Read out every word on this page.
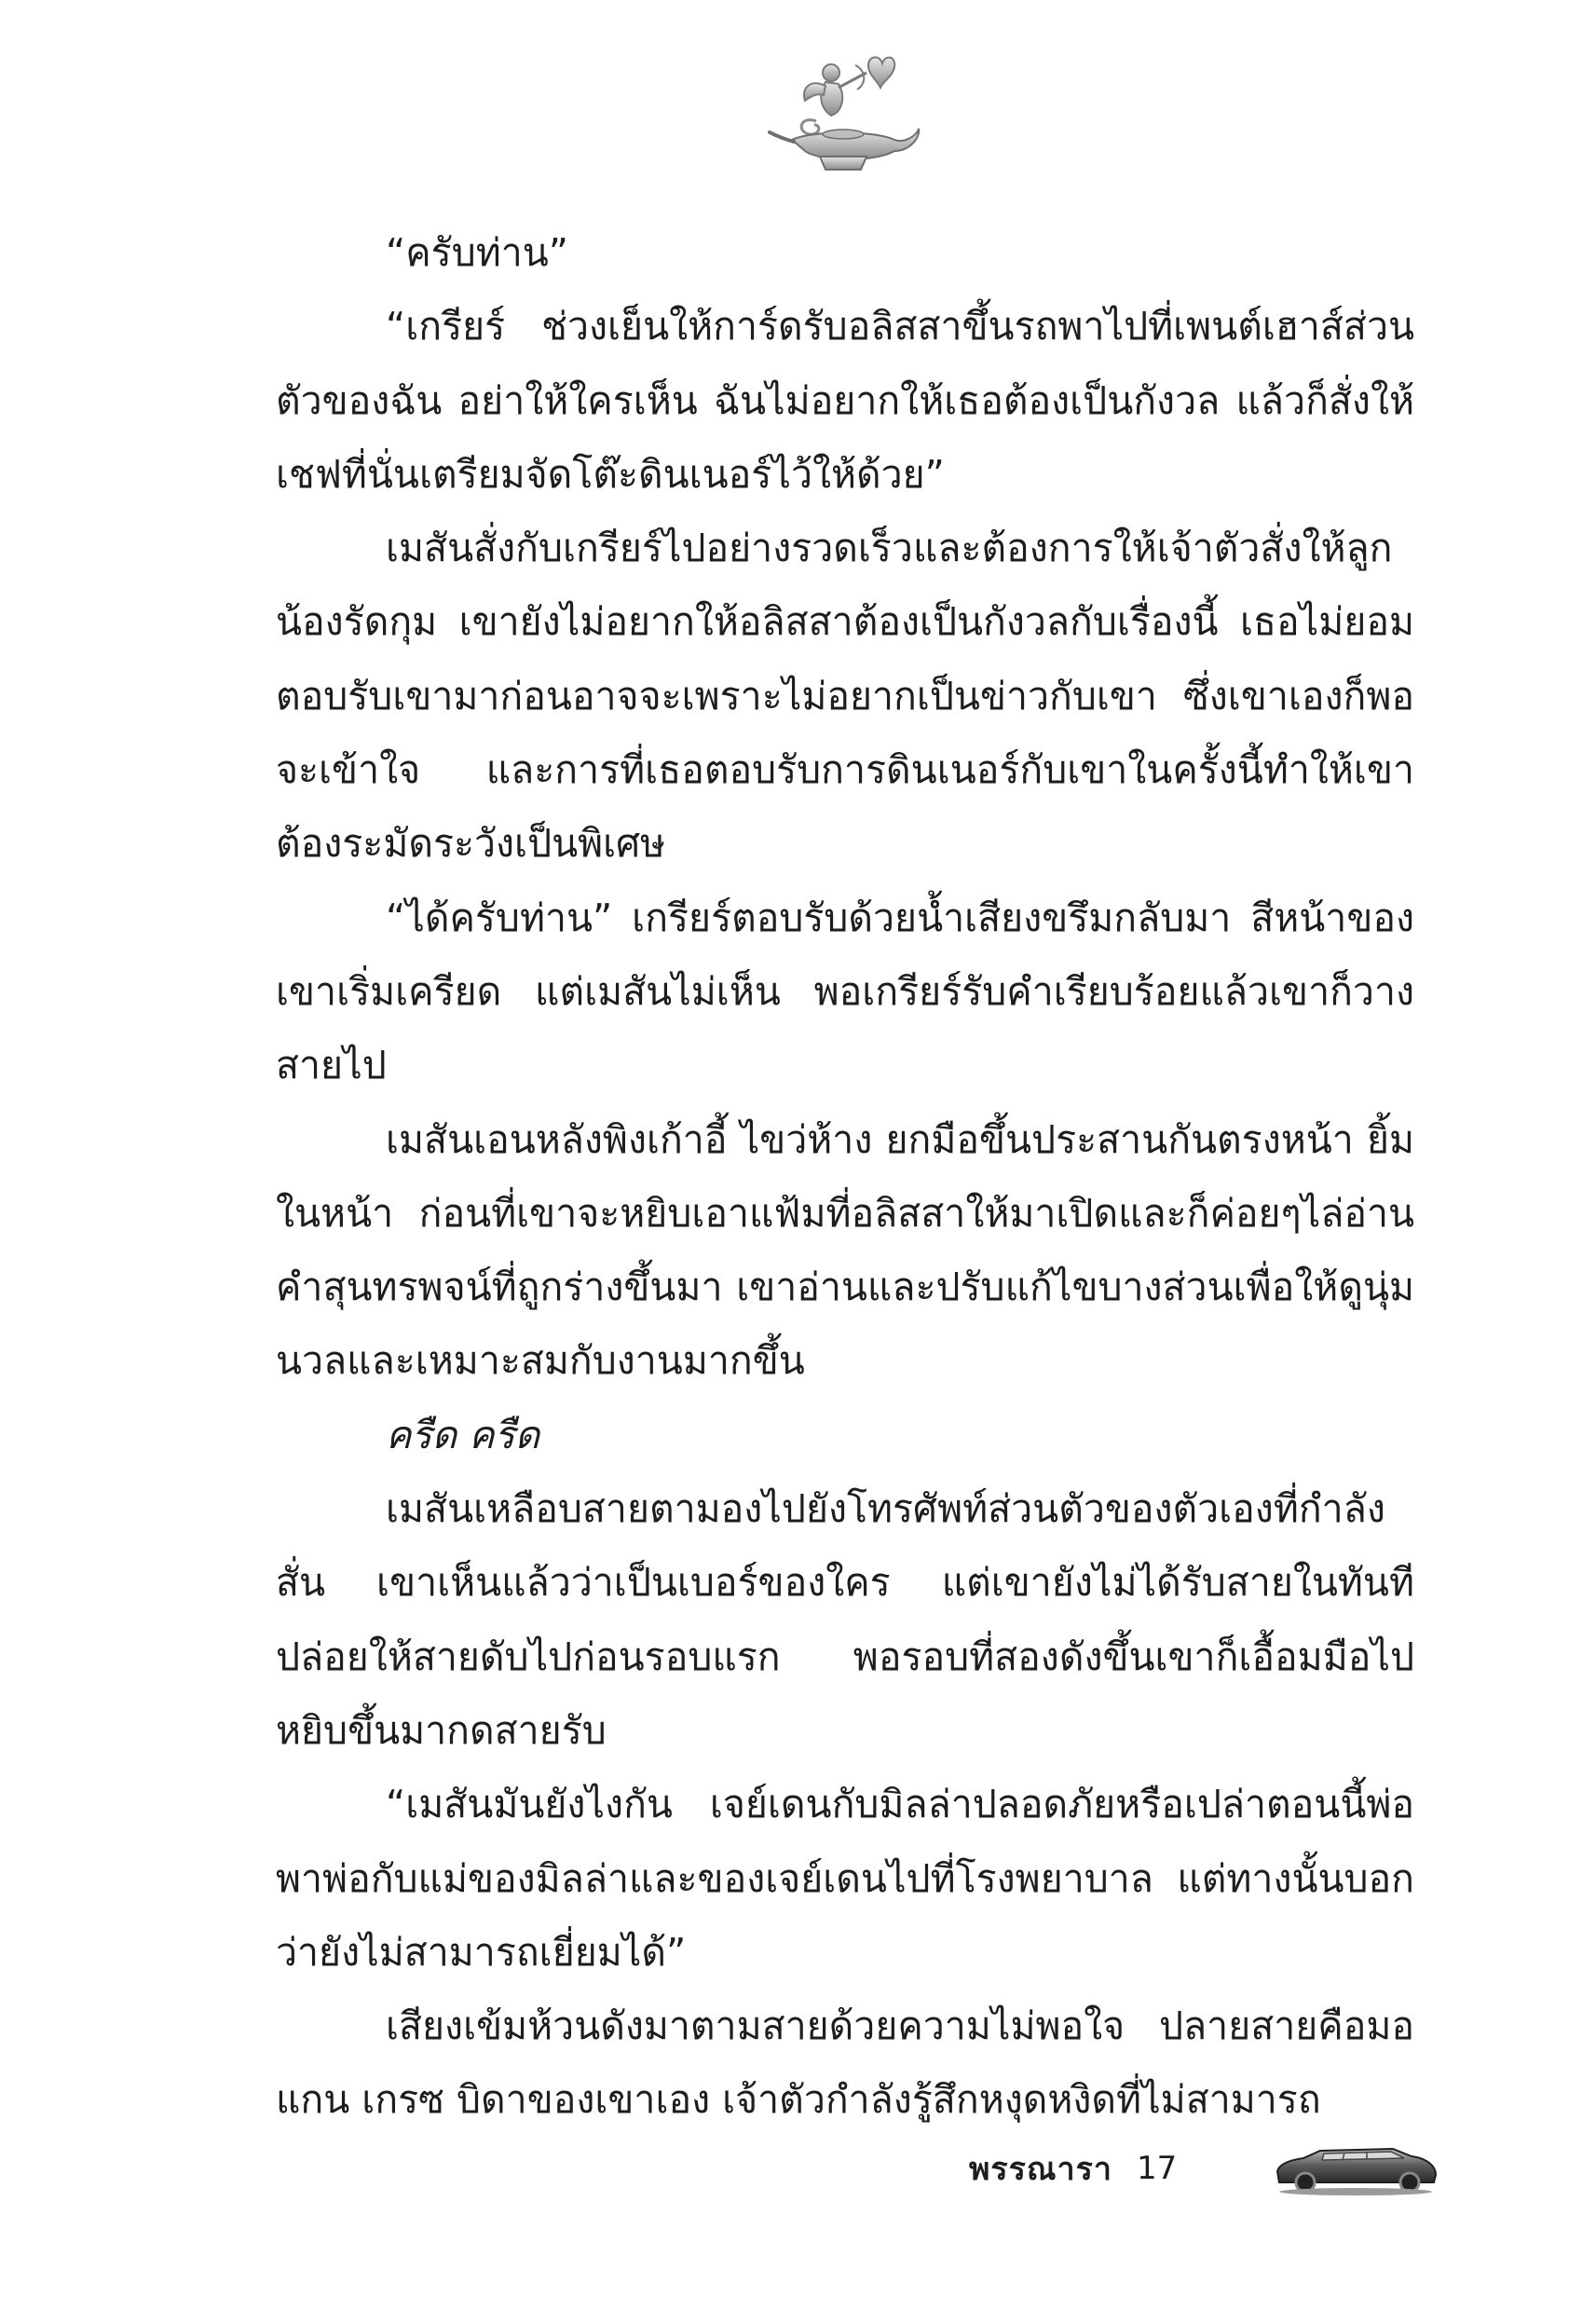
“ครับท่าน”

“เกรียร์ ช่วงเย็นให้การ์ดรับอลิสสาขึ้นรถพาไปที่เพนต์เฮาส์ส่วนตัวของฉัน อย่าให้ใครเห็น ฉันไม่อยากให้เธอต้องเป็นกังวล แล้วก็สั่งให้เชฟที่นั่นเตรียมจัดโต๊ะดินเนอร์ไว้ให้ด้วย”

เมสันสั่งกับเกรียร์ไปอย่างรวดเร็วและต้องการให้เจ้าตัวสั่งให้ลูกน้องรัดกุม เขายังไม่อยากให้อลิสสาต้องเป็นกังวลกับเรื่องนี้ เธอไม่ยอมตอบรับเขามาก่อนอาจจะเพราะไม่อยากเป็นข่าวกับเขา ซึ่งเขาเองก็พอจะเข้าใจ และการที่เธอตอบรับการดินเนอร์กับเขาในครั้งนี้ทำให้เขาต้องระมัดระวังเป็นพิเศษ

“ได้ครับท่าน” เกรียร์ตอบรับด้วยน้ำเสียงขรึมกลับมา สีหน้าของเขาเริ่มเครียด แต่เมสันไม่เห็น พอเกรียร์รับคำเรียบร้อยแล้วเขาก็วางสายไป

เมสันเอนหลังพิงเก้าอี้ ไขว่ห้าง ยกมือขึ้นประสานกันตรงหน้า ยิ้มในหน้า ก่อนที่เขาจะหยิบเอาแฟ้มที่อลิสสาให้มาเปิดและก็ค่อยๆไล่อ่านคำสุนทรพจน์ที่ถูกร่างขึ้นมา เขาอ่านและปรับแก้ไขบางส่วนเพื่อให้ดูนุ่มนวลและเหมาะสมกับงานมากขึ้น

ครืด ครืด

เมสันเหลือบสายตามองไปยังโทรศัพท์ส่วนตัวของตัวเองที่กำลังสั่น เขาเห็นแล้วว่าเป็นเบอร์ของใคร แต่เขายังไม่ได้รับสายในทันทีปล่อยให้สายดับไปก่อนรอบแรก พอรอบที่สองดังขึ้นเขาก็เอื้อมมือไปหยิบขึ้นมากดสายรับ

“เมสันมันยังไงกัน เจย์เดนกับมิลล่าปลอดภัยหรือเปล่าตอนนี้พ่อพาพ่อกับแม่ของมิลล่าและของเจย์เดนไปที่โรงพยาบาล แต่ทางนั้นบอกว่ายังไม่สามารถเยี่ยมได้”

เสียงเข้มห้วนดังมาตามสายด้วยความไม่พอใจ ปลายสายคือมอแกน เกรซ บิดาของเขาเอง เจ้าตัวกำลังรู้สึกหงุดหงิดที่ไม่สามารถ

พรรณารา 17
